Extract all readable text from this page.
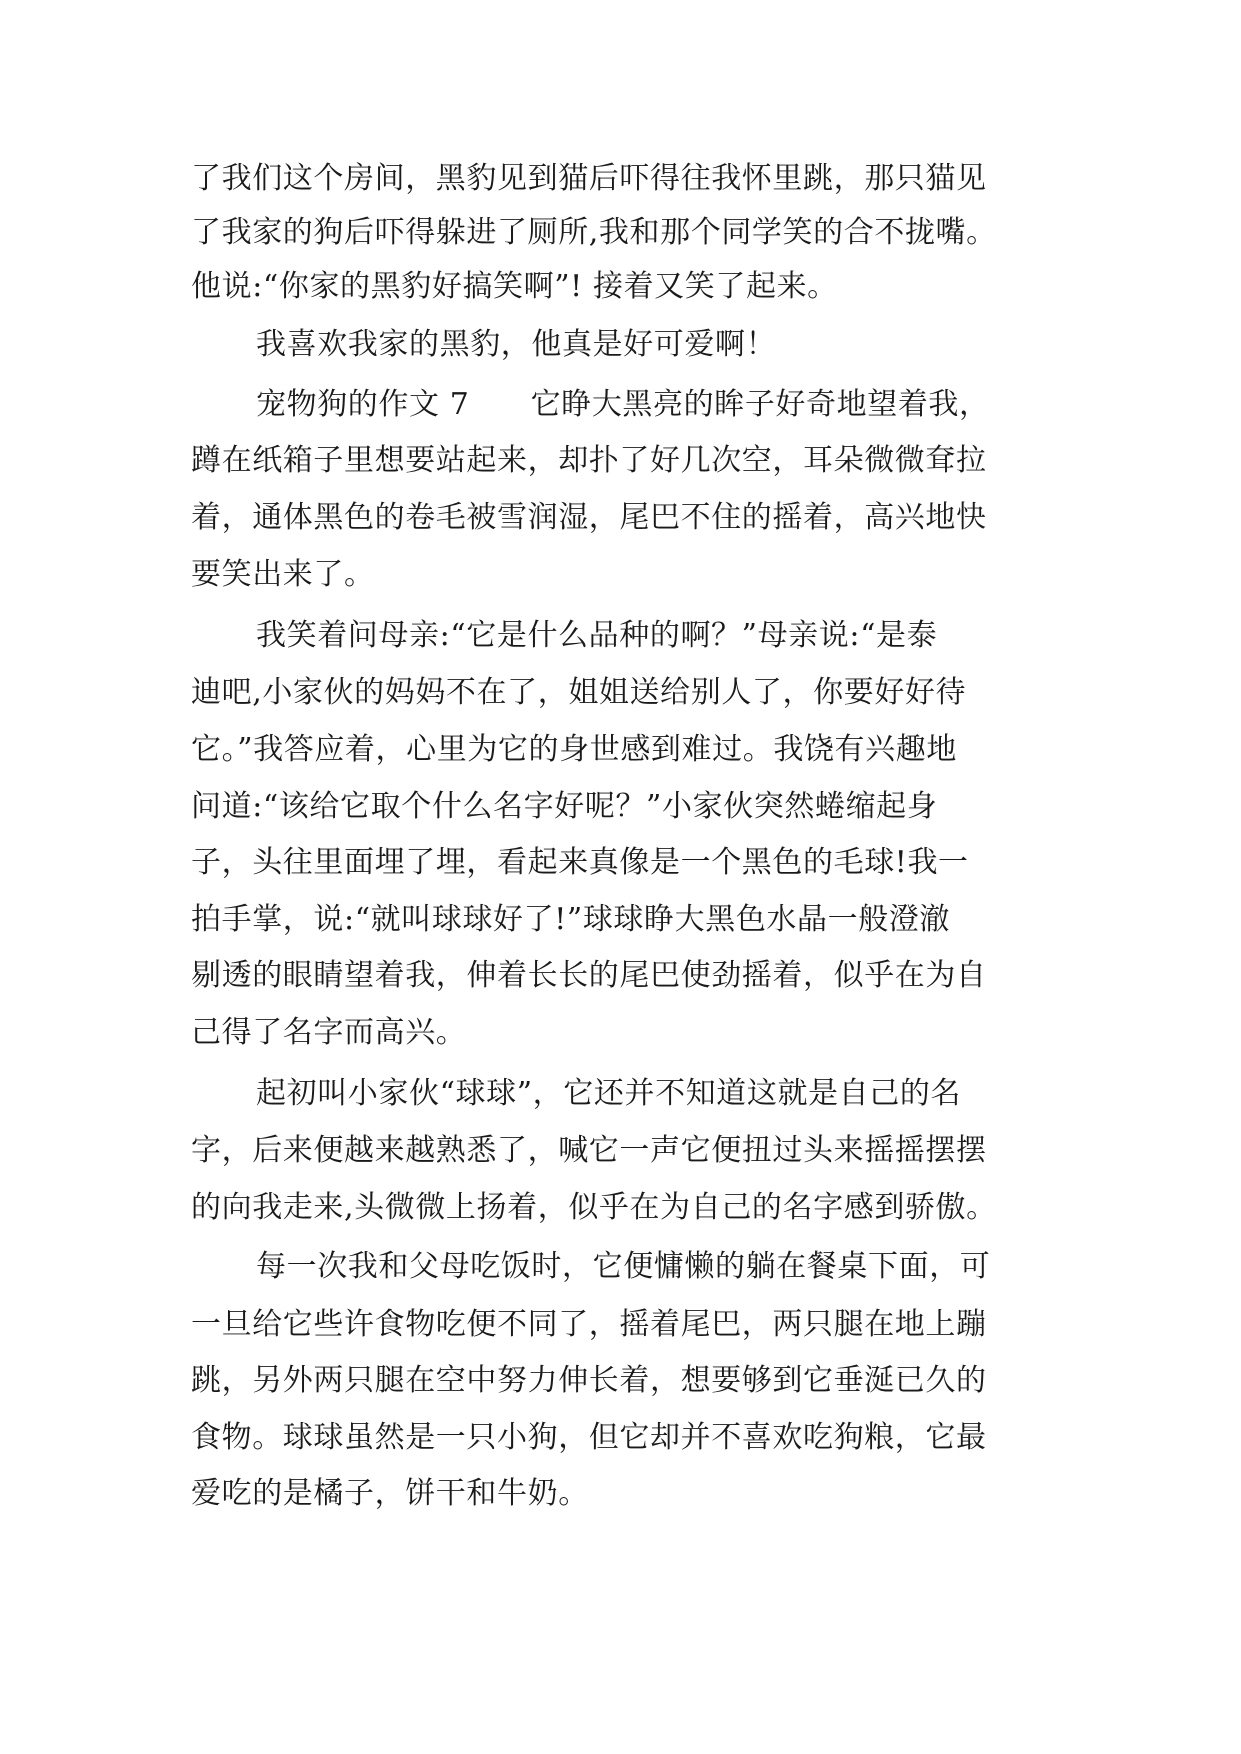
了我们这个房间，黑豹见到猫后吓得往我怀里跳，那只猫见
了我家的狗后吓得躲进了厕所,我和那个同学笑的合不拢嘴。
他说:“你家的黑豹好搞笑啊”! 接着又笑了起来。
我喜欢我家的黑豹，他真是好可爱啊！
宠物狗的作文 7　　它睁大黑亮的眸子好奇地望着我，
蹲在纸箱子里想要站起来，却扑了好几次空，耳朵微微耷拉
着，通体黑色的卷毛被雪润湿，尾巴不住的摇着，高兴地快
要笑出来了。
我笑着问母亲:“它是什么品种的啊？”母亲说:“是泰
迪吧,小家伙的妈妈不在了，姐姐送给别人了，你要好好待
它。”我答应着，心里为它的身世感到难过。我饶有兴趣地
问道:“该给它取个什么名字好呢？”小家伙突然蜷缩起身
子，头往里面埋了埋，看起来真像是一个黑色的毛球!我一
拍手掌，说:“就叫球球好了!”球球睁大黑色水晶一般澄澈
剔透的眼睛望着我，伸着长长的尾巴使劲摇着，似乎在为自
己得了名字而高兴。
起初叫小家伙“球球”，它还并不知道这就是自己的名
字，后来便越来越熟悉了，喊它一声它便扭过头来摇摇摆摆
的向我走来,头微微上扬着，似乎在为自己的名字感到骄傲。
每一次我和父母吃饭时，它便慵懒的躺在餐桌下面，可
一旦给它些许食物吃便不同了，摇着尾巴，两只腿在地上蹦
跳，另外两只腿在空中努力伸长着，想要够到它垂涎已久的
食物。球球虽然是一只小狗，但它却并不喜欢吃狗粮，它最
爱吃的是橘子，饼干和牛奶。
